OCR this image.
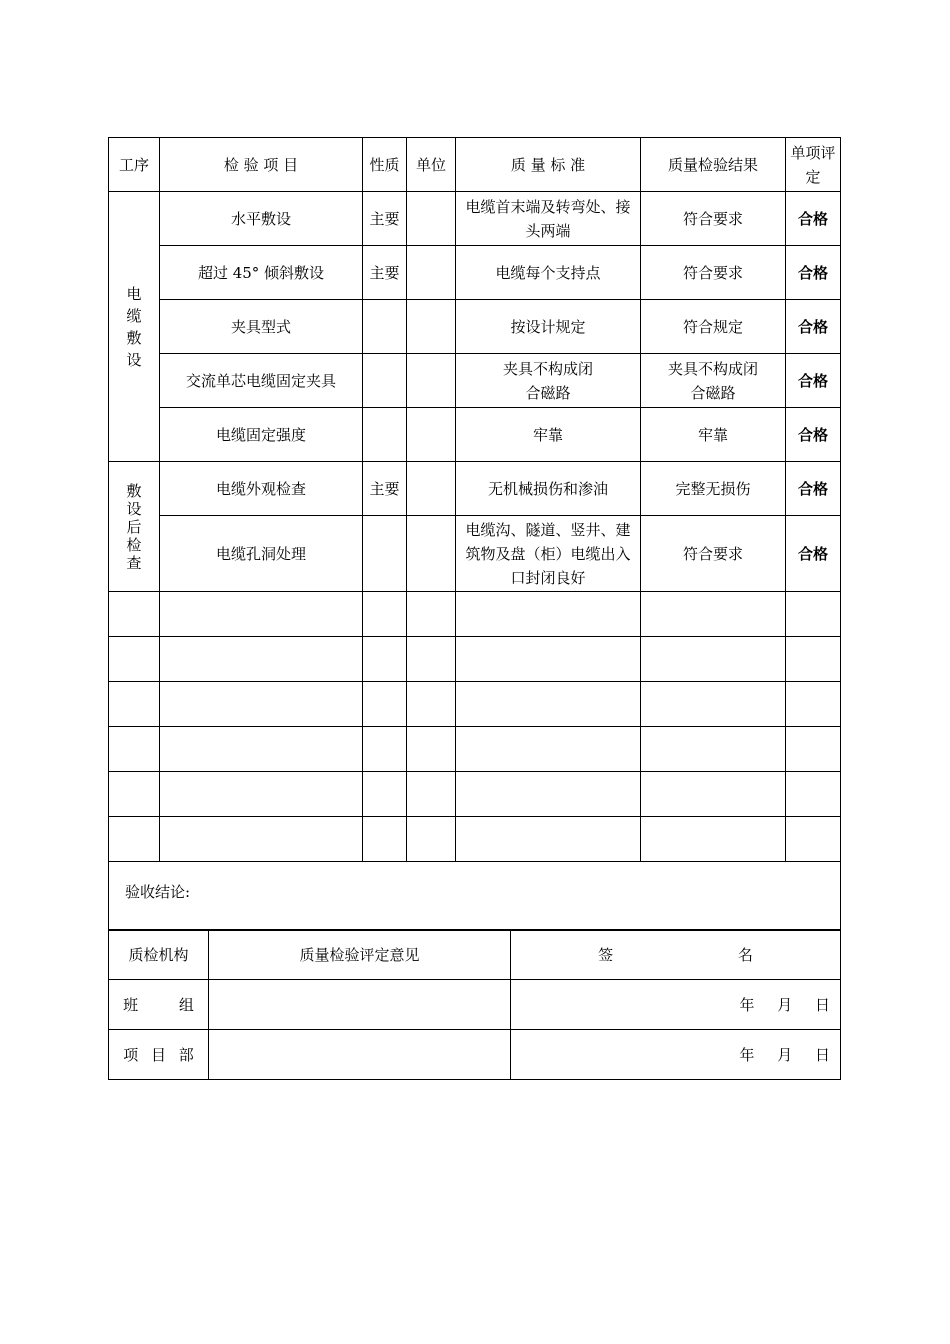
工序	检 验 项 目	性质	单位	质 量 标 准	质量检验结果	单项评定
电缆敷设	水平敷设	主要		电缆首末端及转弯处、接头两端	符合要求	合格
	超过 45° 倾斜敷设	主要		电缆每个支持点	符合要求	合格
	夹具型式			按设计规定	符合规定	合格
	交流单芯电缆固定夹具			夹具不构成闭合磁路	夹具不构成闭合磁路	合格
	电缆固定强度			牢靠	牢靠	合格
敷设后检查	电缆外观检查	主要		无机械损伤和渗油	完整无损伤	合格
	电缆孔洞处理			电缆沟、隧道、竖井、建筑物及盘（柜）电缆出入口封闭良好	符合要求	合格

验收结论:						
质检机构	质量检验评定意见	签 名
班 组		年 月 日
项 目 部		年 月 日
